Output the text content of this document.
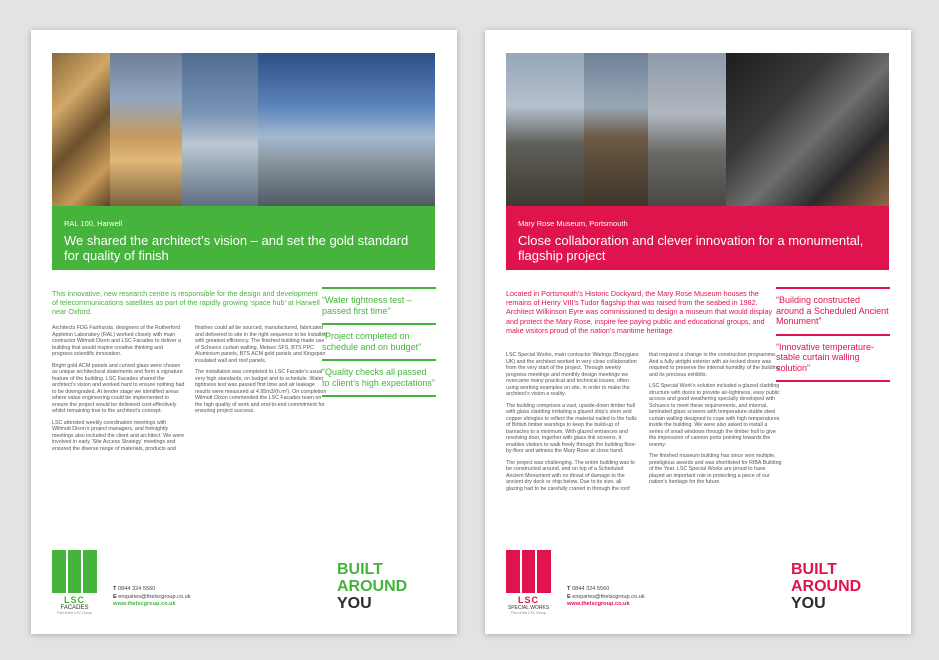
RAL 100, Harwell
We shared the architect’s vision – and set the gold standard for quality of finish

This innovative, new research centre is responsible for the design and development of telecommunications satellites as part of the rapidly growing ‘space hub’ at Harwell near Oxford.

Architects FDG Fairhursts, designers of the Rutherford Appleton Laboratory (RAL) worked closely with main contractor Wilmott Dixon and LSC Facades to deliver a building that would inspire creative thinking and progress scientific innovation.

Bright gold ACM panels and curved glass were chosen as unique architectural statements and form a signature feature of the building. LSC Facades shared the architect’s vision and worked hard to ensure nothing had to be downgraded. At tender stage we identified areas where value engineering could be implemented to ensure the project would be delivered cost-effectively whilst remaining true to the architect’s concept.

LSC attended weekly coordination meetings with Willmott Dixon’s project managers, and fortnightly meetings also included the client and architect. We were involved in early ‘Site Access Strategy’ meetings and ensured the diverse range of materials, products and

finishes could all be sourced, manufactured, fabricated and delivered to site in the right sequence to be installed with greatest efficiency. The finished building made use of Schueco curtain walling, Metsec SFS, BTS PPC Aluminium panels, BTS ACM gold panels and Kingspan insulated wall and roof panels.

The installation was completed to LSC Facade’s usual very high standards, on budget and to schedule. Water tightness test was passed first time and air leakage results were measured at 4.95m3/(h.m²). On completion Wilmott Dixon commended the LSC Facades team on the high quality of work and end-to-end commitment for ensuring project success.

“Water tightness test – passed first time”
“Project completed on schedule and on budget”
“Quality checks all passed to client’s high expectations”
LSC
FACADES
Part of the LSC Group
T 0844 324 5560
E enquiries@thelscgroup.co.uk
www.thelscgroup.co.uk
BUILT
AROUND
YOU
Mary Rose Museum, Portsmouth
Close collaboration and clever innovation for a monumental, flagship project

Located in Portsmouth’s Historic Dockyard, the Mary Rose Museum houses the remains of Henry VIII’s Tudor flagship that was raised from the seabed in 1982. Architect Wilkinson Eyre was commissioned to design a museum that would display and protect the Mary Rose, inspire fee paying public and educational groups, and make visitors proud of the nation’s maritime heritage.

LSC Special Works, main contractor Warings (Bouygues UK) and the architect worked in very close collaboration from the very start of the project. Through weekly progress meetings and monthly design meetings we overcame many practical and technical issues, often using working examples on site, in order to make the architect’s vision a reality.

The building comprises a vast, upside-down timber hull with glass cladding imitating a glazed ship’s stern and copper shingles to reflect the material nailed to the hulls of British timber warships to keep the build-up of barnacles to a minimum. With glazed entrances and revolving door, together with glass link screens, it enables visitors to walk freely through the building floor-by-floor and witness the Mary Rose at close hand.

The project was challenging. The entire building was to be constructed around, and on top of a Scheduled Ancient Monument with no threat of damage to the ancient dry dock or ship below. Due to its size, all glazing had to be carefully craned in through the roof

that required a change in the construction programme. And a fully airtight exterior with air-locked doors was required to preserve the internal humidity of the building and its precious exhibits.

LSC Special Work’s solution included a glazed cladding structure with doors to provide air-tightness, easy public access and good weathering specially developed with Schueco to meet these requirements, and internal, laminated glass screens with temperature-stable steel curtain walling designed to cope with high temperatures inside the building. We were also asked to install a series of small windows through the timber hull to give the impression of cannon ports pointing towards the enemy.

The finished museum building has since won multiple, prestigious awards and was shortlisted for RIBA Building of the Year. LSC Special Works are proud to have played an important role in protecting a piece of our nation’s heritage for the future.

“Building constructed around a Scheduled Ancient Monument”
“Innovative temperature-stable curtain walling solution”
LSC
SPECIAL WORKS
Part of the LSC Group
T 0844 324 5560
E enquiries@thelscgroup.co.uk
www.thelscgroup.co.uk
BUILT
AROUND
YOU
